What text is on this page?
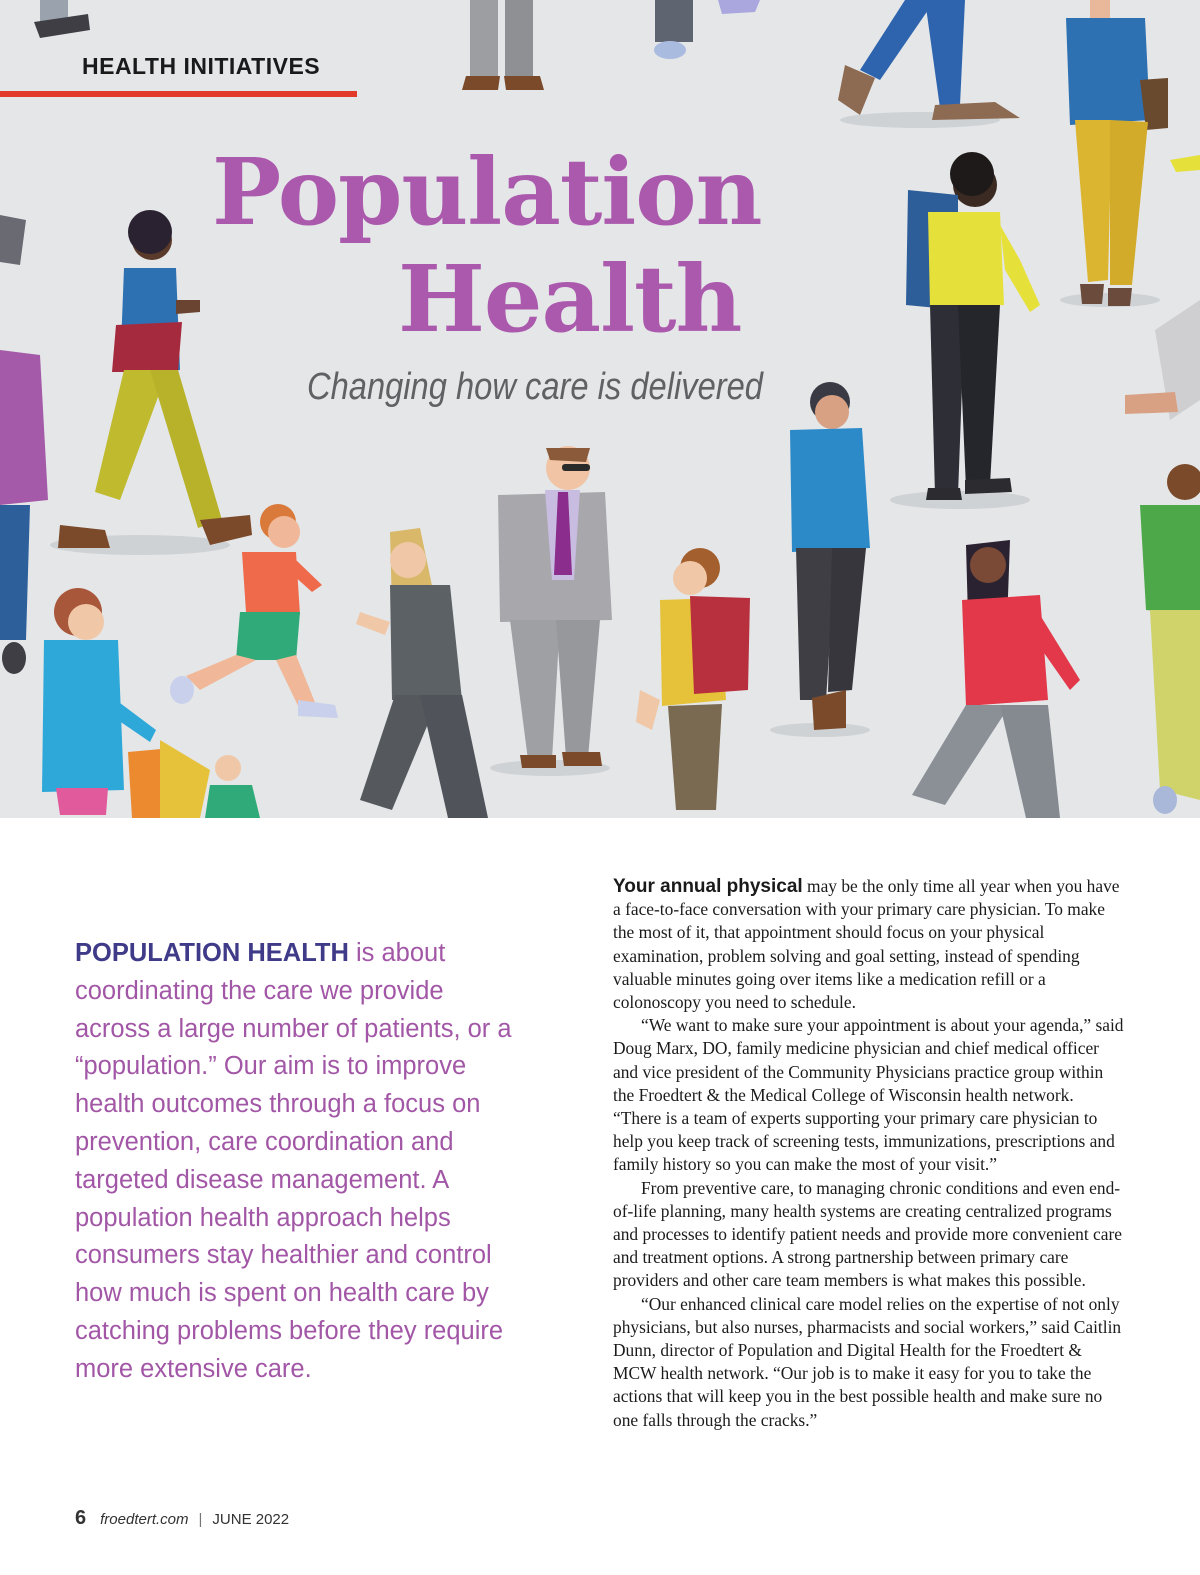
HEALTH INITIATIVES
Population
Health
Changing how care is delivered

POPULATION HEALTH is about coordinating the care we provide across a large number of patients, or a “population.” Our aim is to improve health outcomes through a focus on prevention, care coordination and targeted disease management. A population health approach helps consumers stay healthier and control how much is spent on health care by catching problems before they require more extensive care.

Your annual physical may be the only time all year when you have a face-to-face conversation with your primary care physician. To make the most of it, that appointment should focus on your physical examination, problem solving and goal setting, instead of spending valuable minutes going over items like a medication refill or a colonoscopy you need to schedule.

“We want to make sure your appointment is about your agenda,” said Doug Marx, DO, family medicine physician and chief medical officer and vice president of the Community Physicians practice group within the Froedtert & the Medical College of Wisconsin health network. “There is a team of experts supporting your primary care physician to help you keep track of screening tests, immunizations, prescriptions and family history so you can make the most of your visit.”

From preventive care, to managing chronic conditions and even end-of-life planning, many health systems are creating centralized programs and processes to identify patient needs and provide more convenient care and treatment options. A strong partnership between primary care providers and other care team members is what makes this possible.

“Our enhanced clinical care model relies on the expertise of not only physicians, but also nurses, pharmacists and social workers,” said Caitlin Dunn, director of Population and Digital Health for the Froedtert & MCW health network. “Our job is to make it easy for you to take the actions that will keep you in the best possible health and make sure no one falls through the cracks.”

6 froedtert.com | JUNE 2022
